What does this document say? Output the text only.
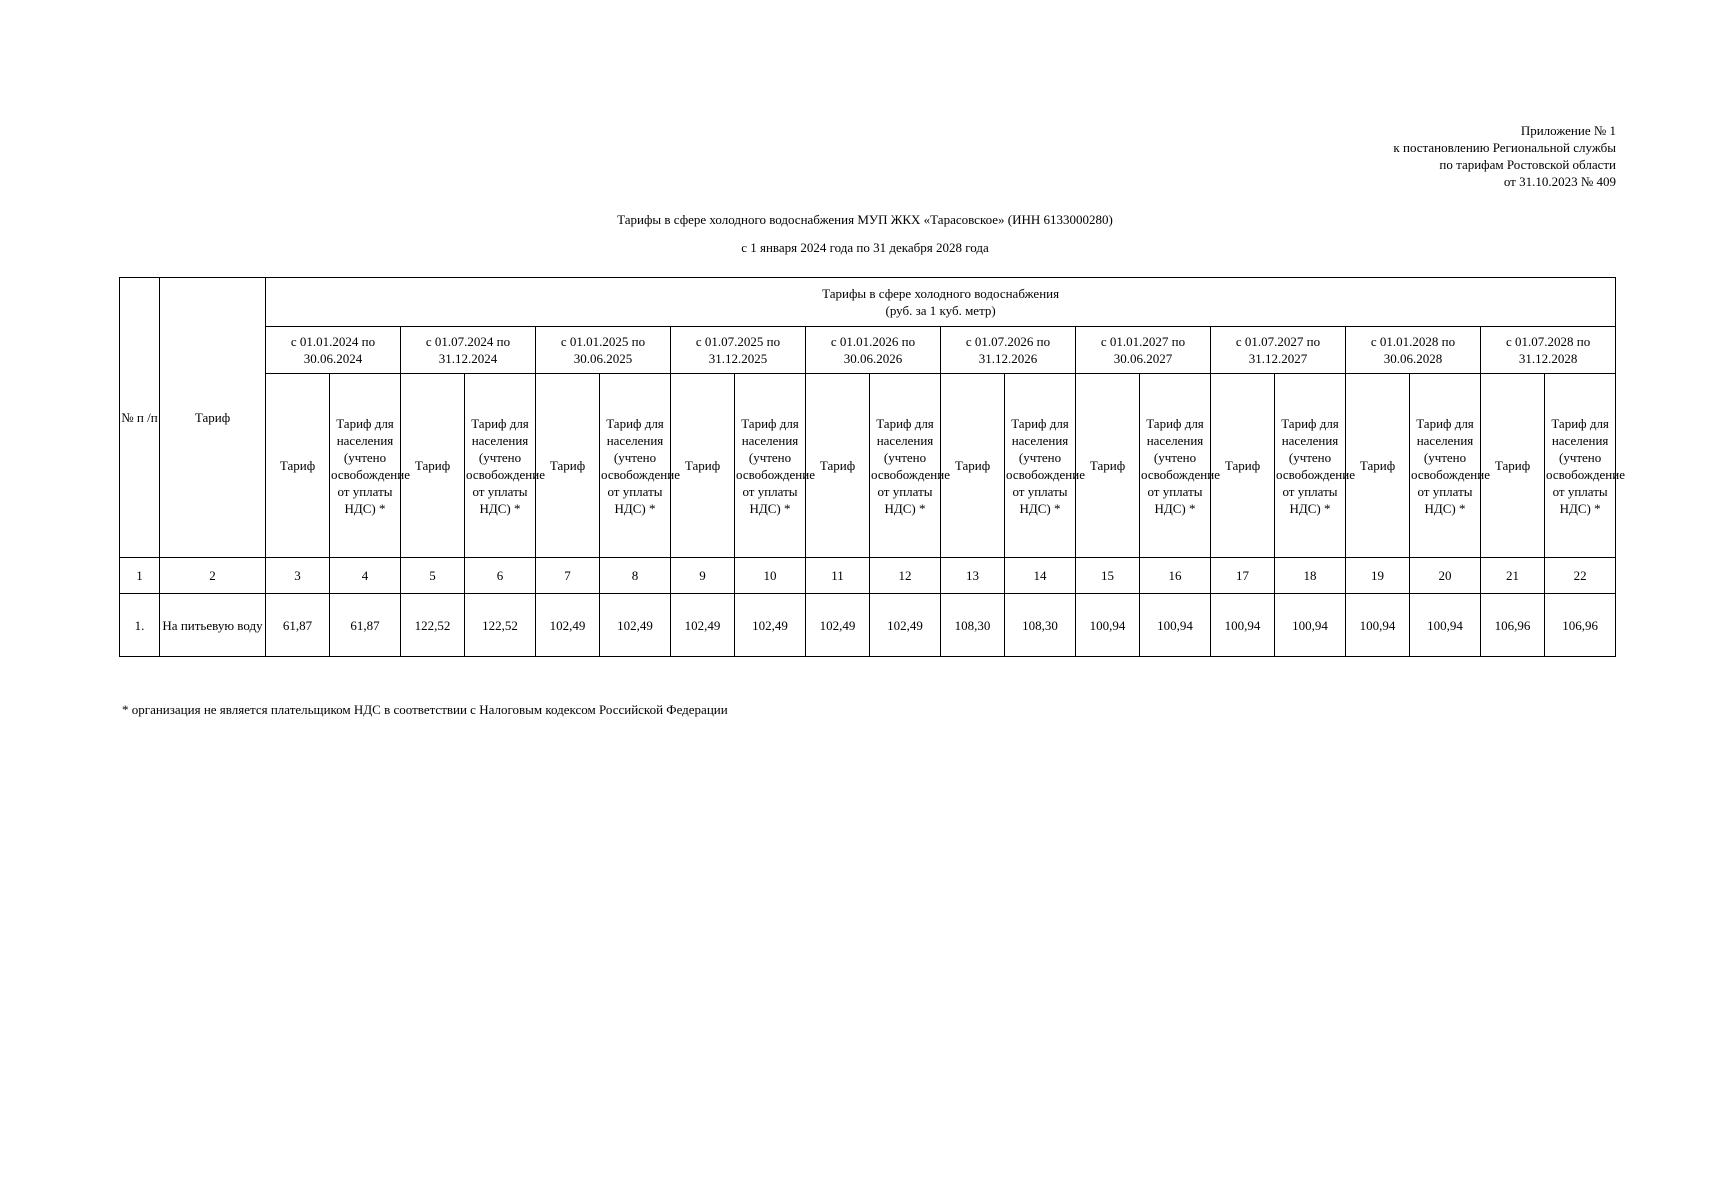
Приложение № 1
к постановлению Региональной службы
по тарифам Ростовской области
от 31.10.2023 № 409
Тарифы в сфере холодного водоснабжения МУП ЖКХ «Тарасовское» (ИНН 6133000280)
с 1 января 2024 года по 31 декабря 2028 года
№ п /п	Тариф	Тарифы в сфере холодного водоснабжения
(руб. за 1 куб. метр)																			

		с 01.01.2024 по 30.06.2024		с 01.07.2024 по 31.12.2024		с 01.01.2025 по 30.06.2025		с 01.07.2025 по 31.12.2025		с 01.01.2026 по 30.06.2026		с 01.07.2026 по 31.12.2026		с 01.01.2027 по 30.06.2027		с 01.07.2027 по 31.12.2027		с 01.01.2028 по 30.06.2028		с 01.07.2028 по 31.12.2028	
		Тариф	Тариф для населения (учтено освобождение от уплаты НДС) *	Тариф	Тариф для населения (учтено освобождение от уплаты НДС) *	Тариф	Тариф для населения (учтено освобождение от уплаты НДС) *	Тариф	Тариф для населения (учтено освобождение от уплаты НДС) *	Тариф	Тариф для населения (учтено освобождение от уплаты НДС) *	Тариф	Тариф для населения (учтено освобождение от уплаты НДС) *	Тариф	Тариф для населения (учтено освобождение от уплаты НДС) *	Тариф	Тариф для населения (учтено освобождение от уплаты НДС) *	Тариф	Тариф для населения (учтено освобождение от уплаты НДС) *	Тариф	Тариф для населения (учтено освобождение от уплаты НДС) *
1	2	3	4	5	6	7	8	9	10	11	12	13	14	15	16	17	18	19	20	21	22
1.	На питьевую воду	61,87	61,87	122,52	122,52	102,49	102,49	102,49	102,49	102,49	102,49	108,30	108,30	100,94	100,94	100,94	100,94	100,94	100,94	106,96	106,96
* организация не является плательщиком НДС в соответствии с Налоговым кодексом Российской Федерации
